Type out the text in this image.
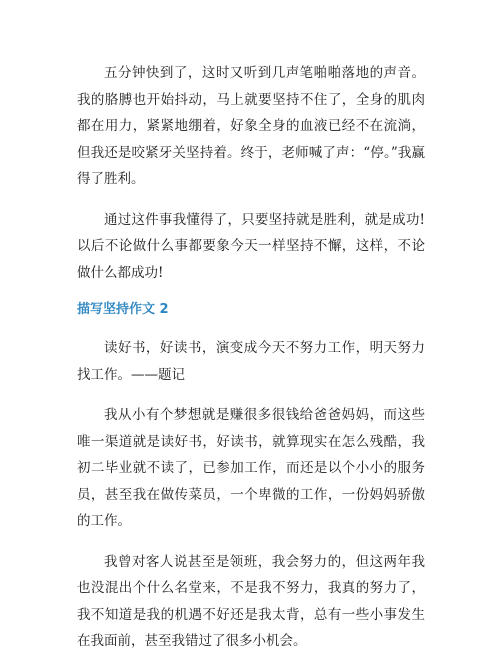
五分钟快到了，这时又听到几声笔啪啪落地的声音。我的胳膊也开始抖动，马上就要坚持不住了，全身的肌肉都在用力，紧紧地绷着，好象全身的血液已经不在流淌，但我还是咬紧牙关坚持着。终于，老师喊了声：“停。”我赢得了胜利。

通过这件事我懂得了，只要坚持就是胜利，就是成功!以后不论做什么事都要象今天一样坚持不懈，这样，不论做什么都成功!

描写坚持作文 2

读好书，好读书，演变成今天不努力工作，明天努力找工作。——题记

我从小有个梦想就是赚很多很钱给爸爸妈妈，而这些唯一渠道就是读好书，好读书，就算现实在怎么残酷，我初二毕业就不读了，已参加工作，而还是以个小小的服务员，甚至我在做传菜员，一个卑微的工作，一份妈妈骄傲的工作。

我曾对客人说甚至是领班，我会努力的，但这两年我也没混出个什么名堂来，不是我不努力，我真的努力了，我不知道是我的机遇不好还是我太背，总有一些小事发生在我面前，甚至我错过了很多小机会。
